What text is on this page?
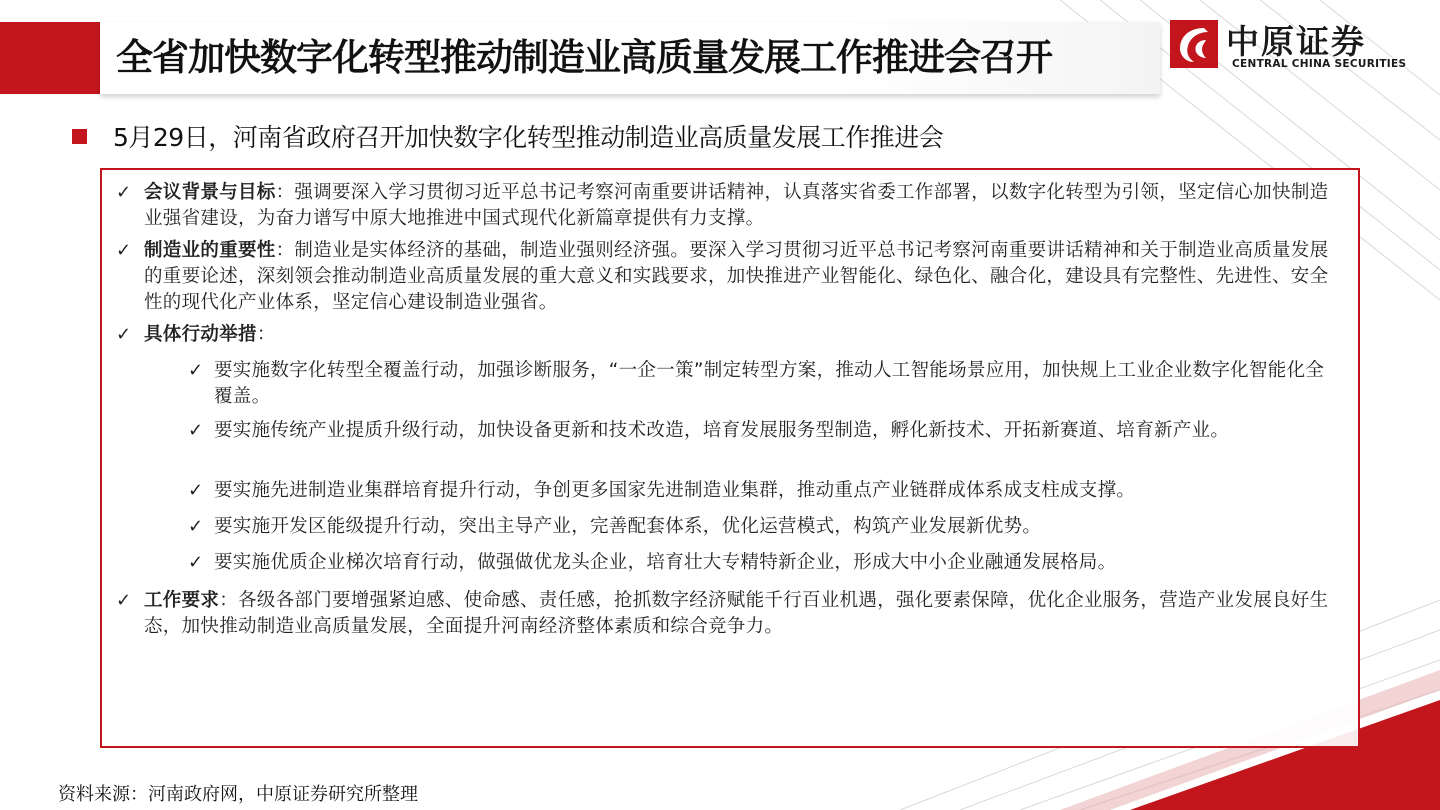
全省加快数字化转型推动制造业高质量发展工作推进会召开	中原证券
CENTRAL CHINA SECURITIES
5月29日，河南省政府召开加快数字化转型推动制造业高质量发展工作推进会
✓ 会议背景与目标：强调要深入学习贯彻习近平总书记考察河南重要讲话精神，认真落实省委工作部署，以数字化转型为引领，坚定信心加快制造业强省建设，为奋力谱写中原大地推进中国式现代化新篇章提供有力支撑。
✓ 制造业的重要性：制造业是实体经济的基础，制造业强则经济强。要深入学习贯彻习近平总书记考察河南重要讲话精神和关于制造业高质量发展的重要论述，深刻领会推动制造业高质量发展的重大意义和实践要求，加快推进产业智能化、绿色化、融合化，建设具有完整性、先进性、安全性的现代化产业体系，坚定信心建设制造业强省。
✓ 具体行动举措：
✓ 要实施数字化转型全覆盖行动，加强诊断服务，“一企一策”制定转型方案，推动人工智能场景应用，加快规上工业企业数字化智能化全覆盖。
✓ 要实施传统产业提质升级行动，加快设备更新和技术改造，培育发展服务型制造，孵化新技术、开拓新赛道、培育新产业。
✓ 要实施先进制造业集群培育提升行动，争创更多国家先进制造业集群，推动重点产业链群成体系成支柱成支撑。
✓ 要实施开发区能级提升行动，突出主导产业，完善配套体系，优化运营模式，构筑产业发展新优势。
✓ 要实施优质企业梯次培育行动，做强做优龙头企业，培育壮大专精特新企业，形成大中小企业融通发展格局。
✓ 工作要求：各级各部门要增强紧迫感、使命感、责任感，抢抓数字经济赋能千行百业机遇，强化要素保障，优化企业服务，营造产业发展良好生态，加快推动制造业高质量发展，全面提升河南经济整体素质和综合竞争力。
资料来源：河南政府网，中原证券研究所整理
